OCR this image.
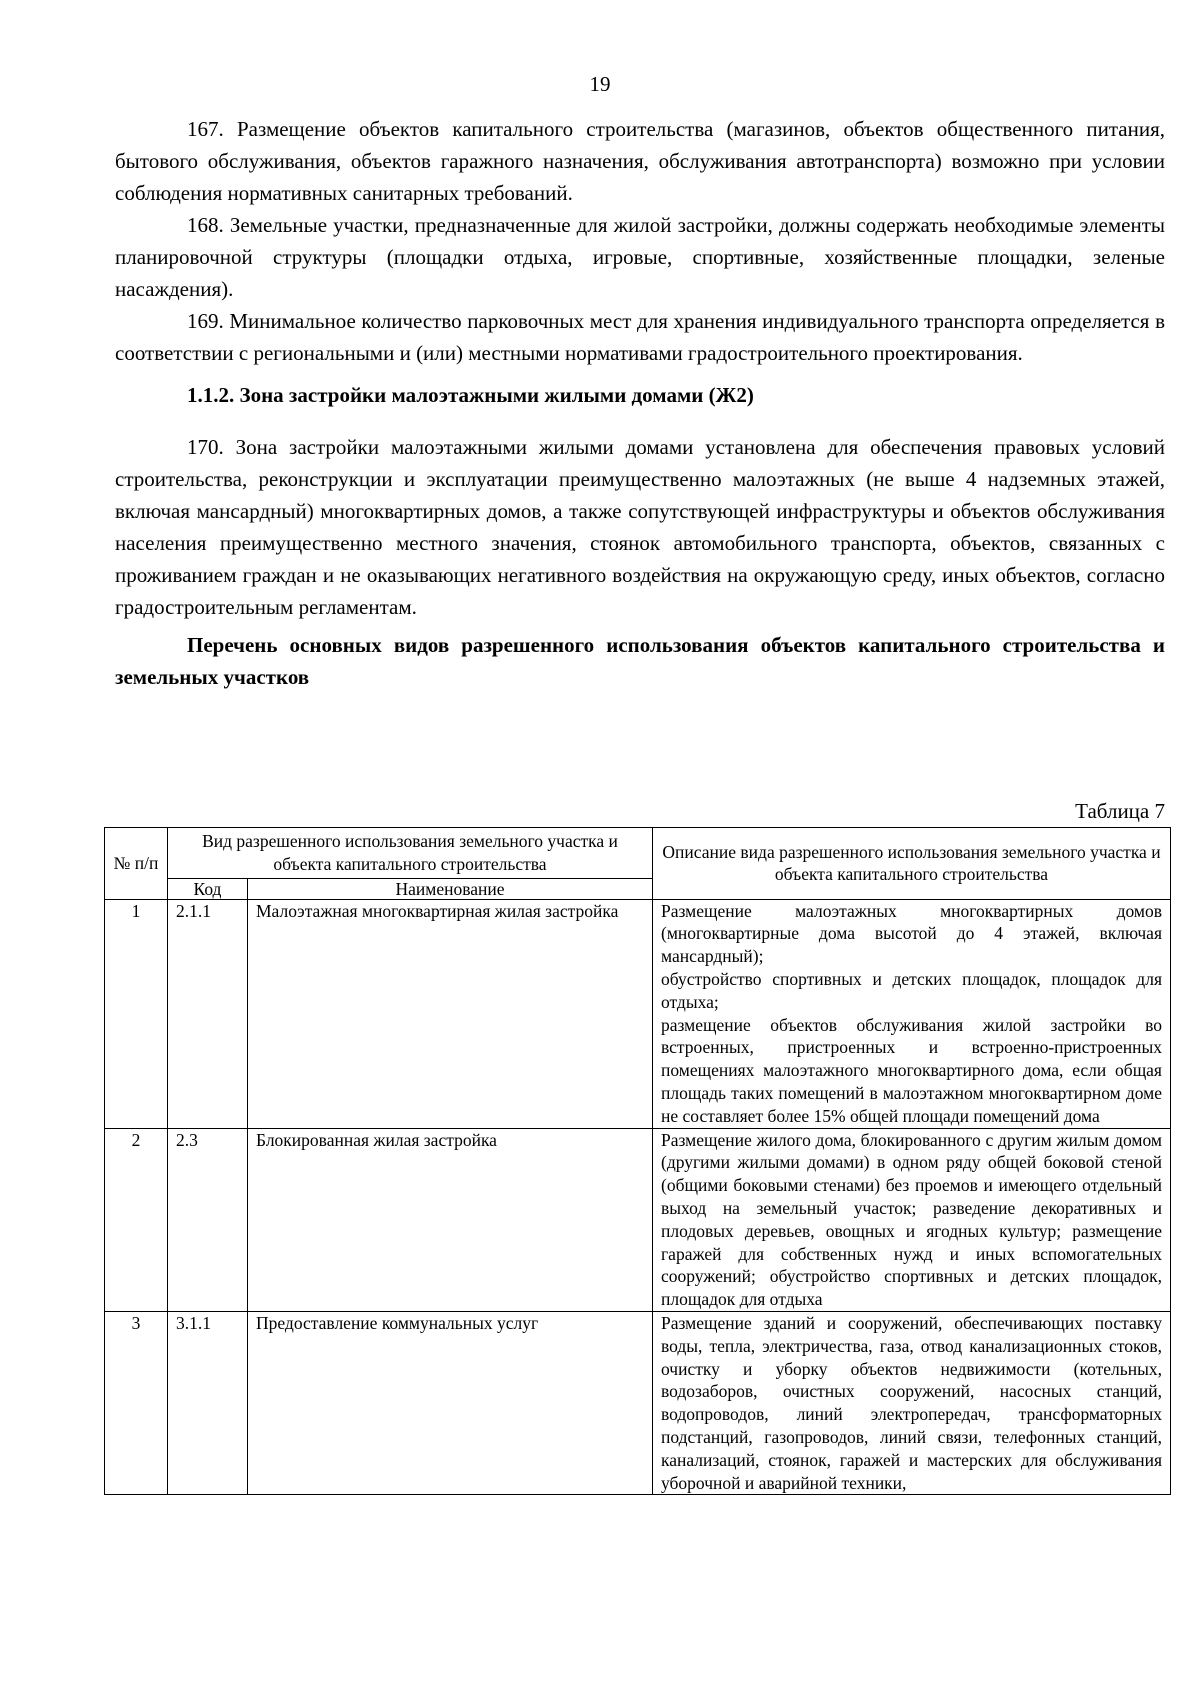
19

167. Размещение объектов капитального строительства (магазинов, объектов общественного питания, бытового обслуживания, объектов гаражного назначения, обслуживания автотранспорта) возможно при условии соблюдения нормативных санитарных требований.

168. Земельные участки, предназначенные для жилой застройки, должны содержать необходимые элементы планировочной структуры (площадки отдыха, игровые, спортивные, хозяйственные площадки, зеленые насаждения).

169. Минимальное количество парковочных мест для хранения индивидуального транспорта определяется в соответствии с региональными и (или) местными нормативами градостроительного проектирования.

1.1.2. Зона застройки малоэтажными жилыми домами (Ж2)

170. Зона застройки малоэтажными жилыми домами установлена для обеспечения правовых условий строительства, реконструкции и эксплуатации преимущественно малоэтажных (не выше 4 надземных этажей, включая мансардный) многоквартирных домов, а также сопутствующей инфраструктуры и объектов обслуживания населения преимущественно местного значения, стоянок автомобильного транспорта, объектов, связанных с проживанием граждан и не оказывающих негативного воздействия на окружающую среду, иных объектов, согласно градостроительным регламентам.

Перечень основных видов разрешенного использования объектов капитального строительства и земельных участков

Таблица 7
№ п/п	Вид разрешенного использования земельного участка и объекта капитального строительства		Описание вида разрешенного использования земельного участка и объекта капитального строительства
	Код	Наименование	
1	2.1.1	Малоэтажная многоквартирная жилая застройка	Размещение малоэтажных многоквартирных домов (многоквартирные дома высотой до 4 этажей, включая мансардный);
обустройство спортивных и детских площадок, площадок для отдыха;
размещение объектов обслуживания жилой застройки во встроенных, пристроенных и встроенно-пристроенных помещениях малоэтажного многоквартирного дома, если общая площадь таких помещений в малоэтажном многоквартирном доме не составляет более 15% общей площади помещений дома

2	2.3	Блокированная жилая застройка	Размещение жилого дома, блокированного с другим жилым домом (другими жилыми домами) в одном ряду общей боковой стеной (общими боковыми стенами) без проемов и имеющего отдельный выход на земельный участок; разведение декоративных и плодовых деревьев, овощных и ягодных культур; размещение гаражей для собственных нужд и иных вспомогательных сооружений; обустройство спортивных и детских площадок, площадок для отдыха

3	3.1.1	Предоставление коммунальных услуг	Размещение зданий и сооружений, обеспечивающих поставку воды, тепла, электричества, газа, отвод канализационных стоков, очистку и уборку объектов недвижимости (котельных, водозаборов, очистных сооружений, насосных станций, водопроводов, линий электропередач, трансформаторных подстанций, газопроводов, линий связи, телефонных станций, канализаций, стоянок, гаражей и мастерских для обслуживания уборочной и аварийной техники,
